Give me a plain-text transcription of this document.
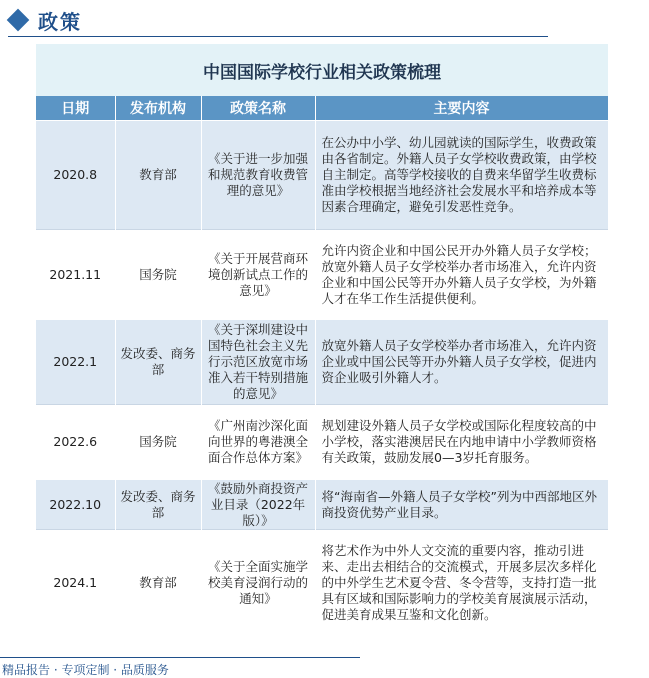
政策
中国国际学校行业相关政策梳理
日期	发布机构	政策名称	主要内容
2020.8	教育部	《关于进一步加强和规范教育收费管理的意见》	在公办中小学、幼儿园就读的国际学生，收费政策由各省制定。外籍人员子女学校收费政策，由学校自主制定。高等学校接收的自费来华留学生收费标准由学校根据当地经济社会发展水平和培养成本等因素合理确定，避免引发恶性竞争。
2021.11	国务院	《关于开展营商环境创新试点工作的意见》	允许内资企业和中国公民开办外籍人员子女学校；放宽外籍人员子女学校举办者市场准入，允许内资企业和中国公民等开办外籍人员子女学校，为外籍人才在华工作生活提供便利。
2022.1	发改委、商务部	《关于深圳建设中国特色社会主义先行示范区放宽市场准入若干特别措施的意见》	放宽外籍人员子女学校举办者市场准入，允许内资企业或中国公民等开办外籍人员子女学校，促进内资企业吸引外籍人才。
2022.6	国务院	《广州南沙深化面向世界的粤港澳全面合作总体方案》	规划建设外籍人员子女学校或国际化程度较高的中小学校，落实港澳居民在内地申请中小学教师资格有关政策，鼓励发展0—3岁托育服务。
2022.10	发改委、商务部	《鼓励外商投资产业目录（2022年版）》	将“海南省—外籍人员子女学校”列为中西部地区外商投资优势产业目录。
2024.1	教育部	《关于全面实施学校美育浸润行动的通知》	将艺术作为中外人文交流的重要内容，推动引进来、走出去相结合的交流模式，开展多层次多样化的中外学生艺术夏令营、冬令营等，支持打造一批具有区域和国际影响力的学校美育展演展示活动，促进美育成果互鉴和文化创新。
精品报告 · 专项定制 · 品质服务
